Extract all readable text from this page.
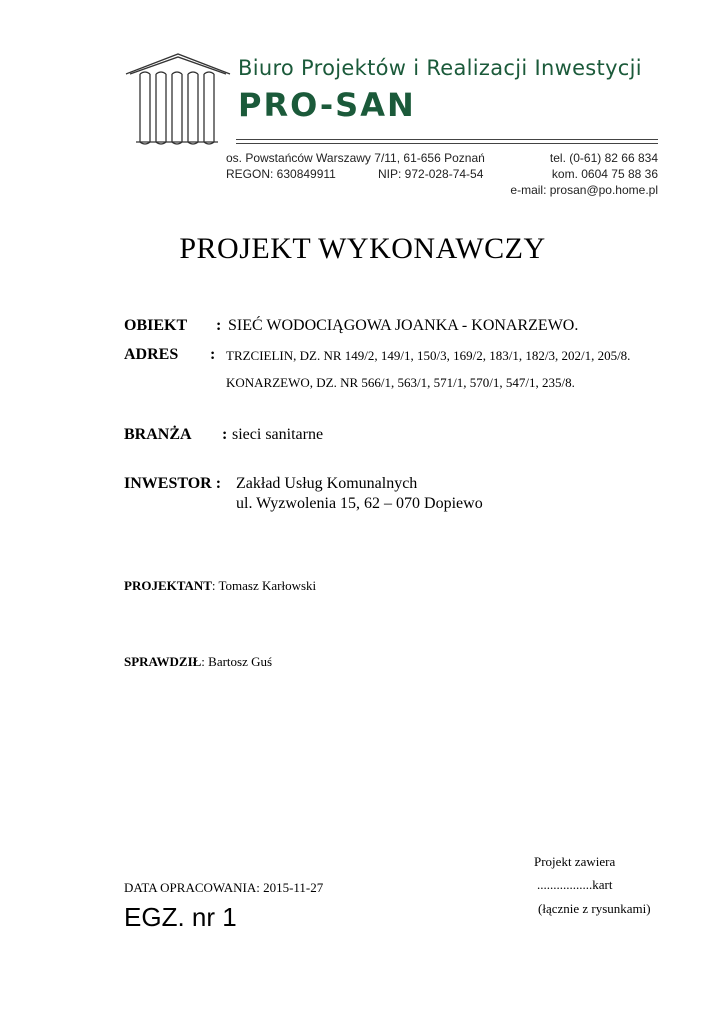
Biuro Projektów i Realizacji Inwestycji
PRO-SAN
os. Powstańców Warszawy 7/11, 61-656 Poznań
REGON: 630849911	NIP: 972-028-74-54
tel. (0-61) 82 66 834
kom. 0604 75 88 36
e-mail: prosan@po.home.pl
PROJEKT WYKONAWCZY
OBIEKT : SIEĆ WODOCIĄGOWA JOANKA - KONARZEWO.
ADRES : TRZCIELIN, DZ. NR 149/2, 149/1, 150/3, 169/2, 183/1, 182/3, 202/1, 205/8.
KONARZEWO, DZ. NR 566/1, 563/1, 571/1, 570/1, 547/1, 235/8.
BRANŻA : sieci sanitarne
INWESTOR : Zakład Usług Komunalnych
ul. Wyzwolenia 15, 62 – 070 Dopiewo
PROJEKTANT: Tomasz Karłowski
SPRAWDZIŁ: Bartosz Guś
DATA OPRACOWANIA: 2015-11-27
EGZ. nr 1
Projekt zawiera
.................kart
(łącznie z rysunkami)
